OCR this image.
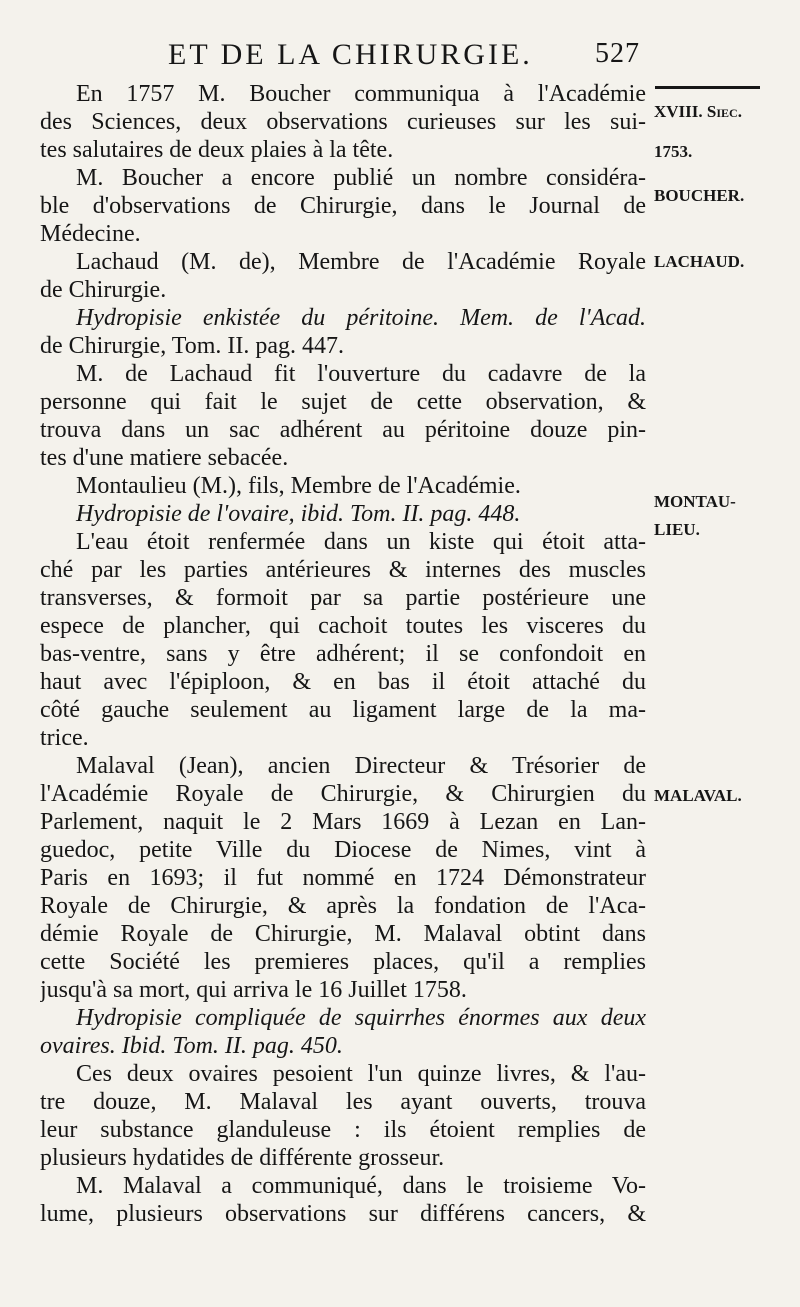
ET DE LA CHIRURGIE. 527
XVIII. Siec.
1753.
BOUCHER.
LACHAUD.
MONTAU-
LIEU.
MALAVAL.
En 1757 M. Boucher communiqua à l'Académie
des Sciences, deux observations curieuses sur les sui-
tes salutaires de deux plaies à la tête.
M. Boucher a encore publié un nombre considéra-
ble d'observations de Chirurgie, dans le Journal de
Médecine.
Lachaud (M. de), Membre de l'Académie Royale
de Chirurgie.
Hydropisie enkistée du péritoine. Mem. de l'Acad.
de Chirurgie, Tom. II. pag. 447.
M. de Lachaud fit l'ouverture du cadavre de la
personne qui fait le sujet de cette observation, &
trouva dans un sac adhérent au péritoine douze pin-
tes d'une matiere sebacée.
Montaulieu (M.), fils, Membre de l'Académie.
Hydropisie de l'ovaire, ibid. Tom. II. pag. 448.
L'eau étoit renfermée dans un kiste qui étoit atta-
ché par les parties antérieures & internes des muscles
transverses, & formoit par sa partie postérieure une
espece de plancher, qui cachoit toutes les visceres du
bas-ventre, sans y être adhérent; il se confondoit en
haut avec l'épiploon, & en bas il étoit attaché du
côté gauche seulement au ligament large de la ma-
trice.
Malaval (Jean), ancien Directeur & Trésorier de
l'Académie Royale de Chirurgie, & Chirurgien du
Parlement, naquit le 2 Mars 1669 à Lezan en Lan-
guedoc, petite Ville du Diocese de Nimes, vint à
Paris en 1693; il fut nommé en 1724 Démonstrateur
Royale de Chirurgie, & après la fondation de l'Aca-
démie Royale de Chirurgie, M. Malaval obtint dans
cette Société les premieres places, qu'il a remplies
jusqu'à sa mort, qui arriva le 16 Juillet 1758.
Hydropisie compliquée de squirrhes énormes aux deux
ovaires. Ibid. Tom. II. pag. 450.
Ces deux ovaires pesoient l'un quinze livres, & l'au-
tre douze, M. Malaval les ayant ouverts, trouva
leur substance glanduleuse : ils étoient remplies de
plusieurs hydatides de différente grosseur.
M. Malaval a communiqué, dans le troisieme Vo-
lume, plusieurs observations sur différens cancers, &
